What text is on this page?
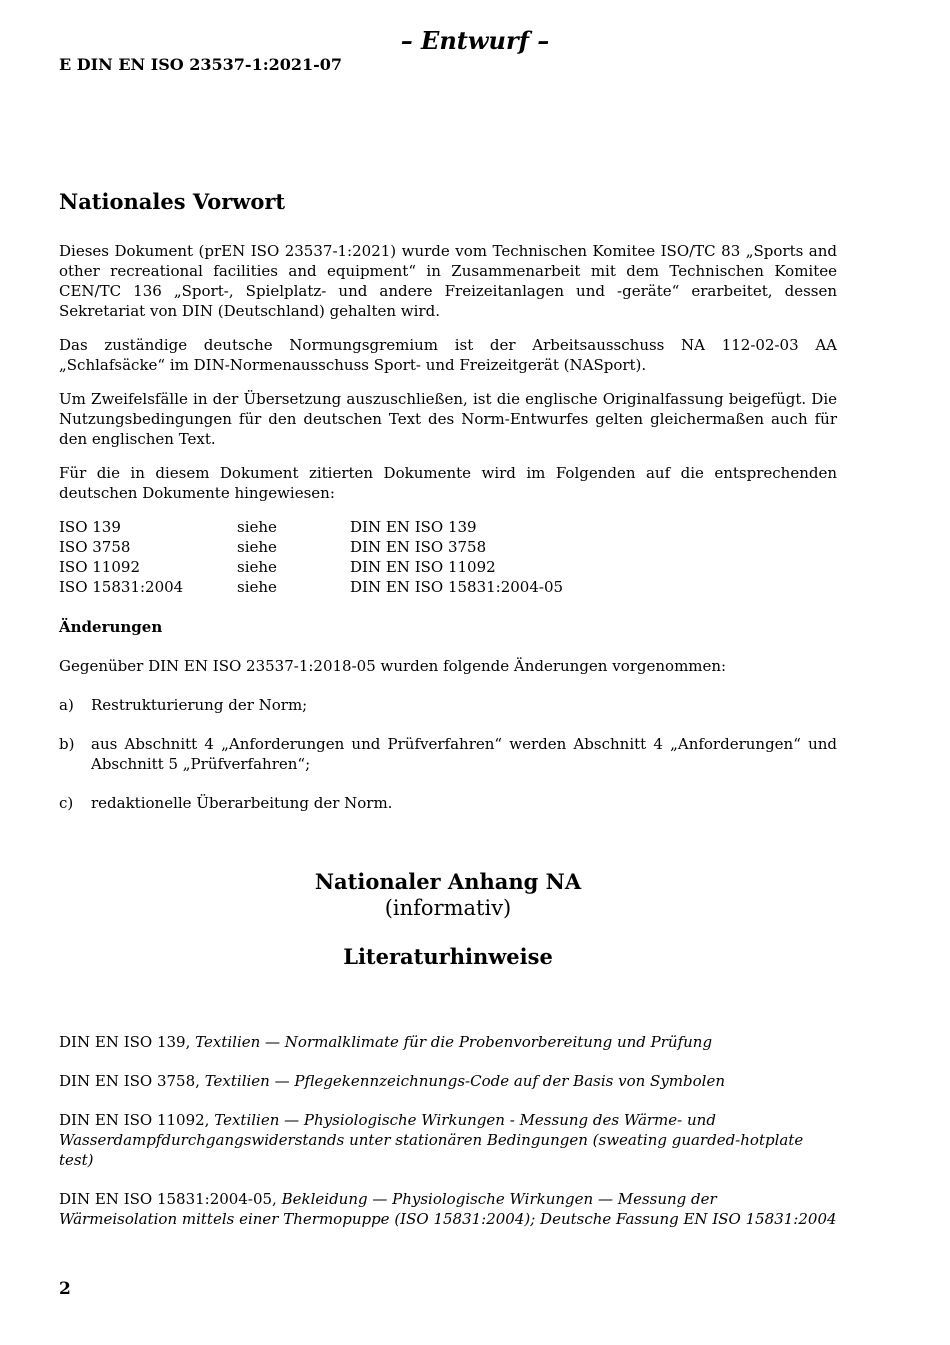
– Entwurf –
E DIN EN ISO 23537-1:2021-07
Nationales Vorwort

Dieses Dokument (prEN ISO 23537-1:2021) wurde vom Technischen Komitee ISO/TC 83 „Sports and other recreational facilities and equipment“ in Zusammenarbeit mit dem Technischen Komitee CEN/TC 136 „Sport-, Spielplatz- und andere Freizeitanlagen und -geräte“ erarbeitet, dessen Sekretariat von DIN (Deutschland) gehalten wird.

Das zuständige deutsche Normungsgremium ist der Arbeitsausschuss NA 112-02-03 AA „Schlafsäcke“ im DIN-Normenausschuss Sport- und Freizeitgerät (NASport).

Um Zweifelsfälle in der Übersetzung auszuschließen, ist die englische Originalfassung beigefügt. Die Nutzungsbedingungen für den deutschen Text des Norm-Entwurfes gelten gleichermaßen auch für den englischen Text.

Für die in diesem Dokument zitierten Dokumente wird im Folgenden auf die entsprechenden deutschen Dokumente hingewiesen:

ISO 139	siehe	DIN EN ISO 139
ISO 3758	siehe	DIN EN ISO 3758
ISO 11092	siehe	DIN EN ISO 11092
ISO 15831:2004	siehe	DIN EN ISO 15831:2004-05
Änderungen

Gegenüber DIN EN ISO 23537-1:2018-05 wurden folgende Änderungen vorgenommen:

a)	Restrukturierung der Norm;
b)	aus Abschnitt 4 „Anforderungen und Prüfverfahren“ werden Abschnitt 4 „Anforderungen“ und Abschnitt 5 „Prüfverfahren“;
c)	redaktionelle Überarbeitung der Norm.
Nationaler Anhang NA
(informativ)
Literaturhinweise

DIN EN ISO 139, Textilien — Normalklimate für die Probenvorbereitung und Prüfung

DIN EN ISO 3758, Textilien — Pflegekennzeichnungs-Code auf der Basis von Symbolen

DIN EN ISO 11092, Textilien — Physiologische Wirkungen - Messung des Wärme- und Wasserdampfdurchgangswiderstands unter stationären Bedingungen (sweating guarded-hotplate test)

DIN EN ISO 15831:2004-05, Bekleidung — Physiologische Wirkungen — Messung der Wärmeisolation mittels einer Thermopuppe (ISO 15831:2004); Deutsche Fassung EN ISO 15831:2004

2
